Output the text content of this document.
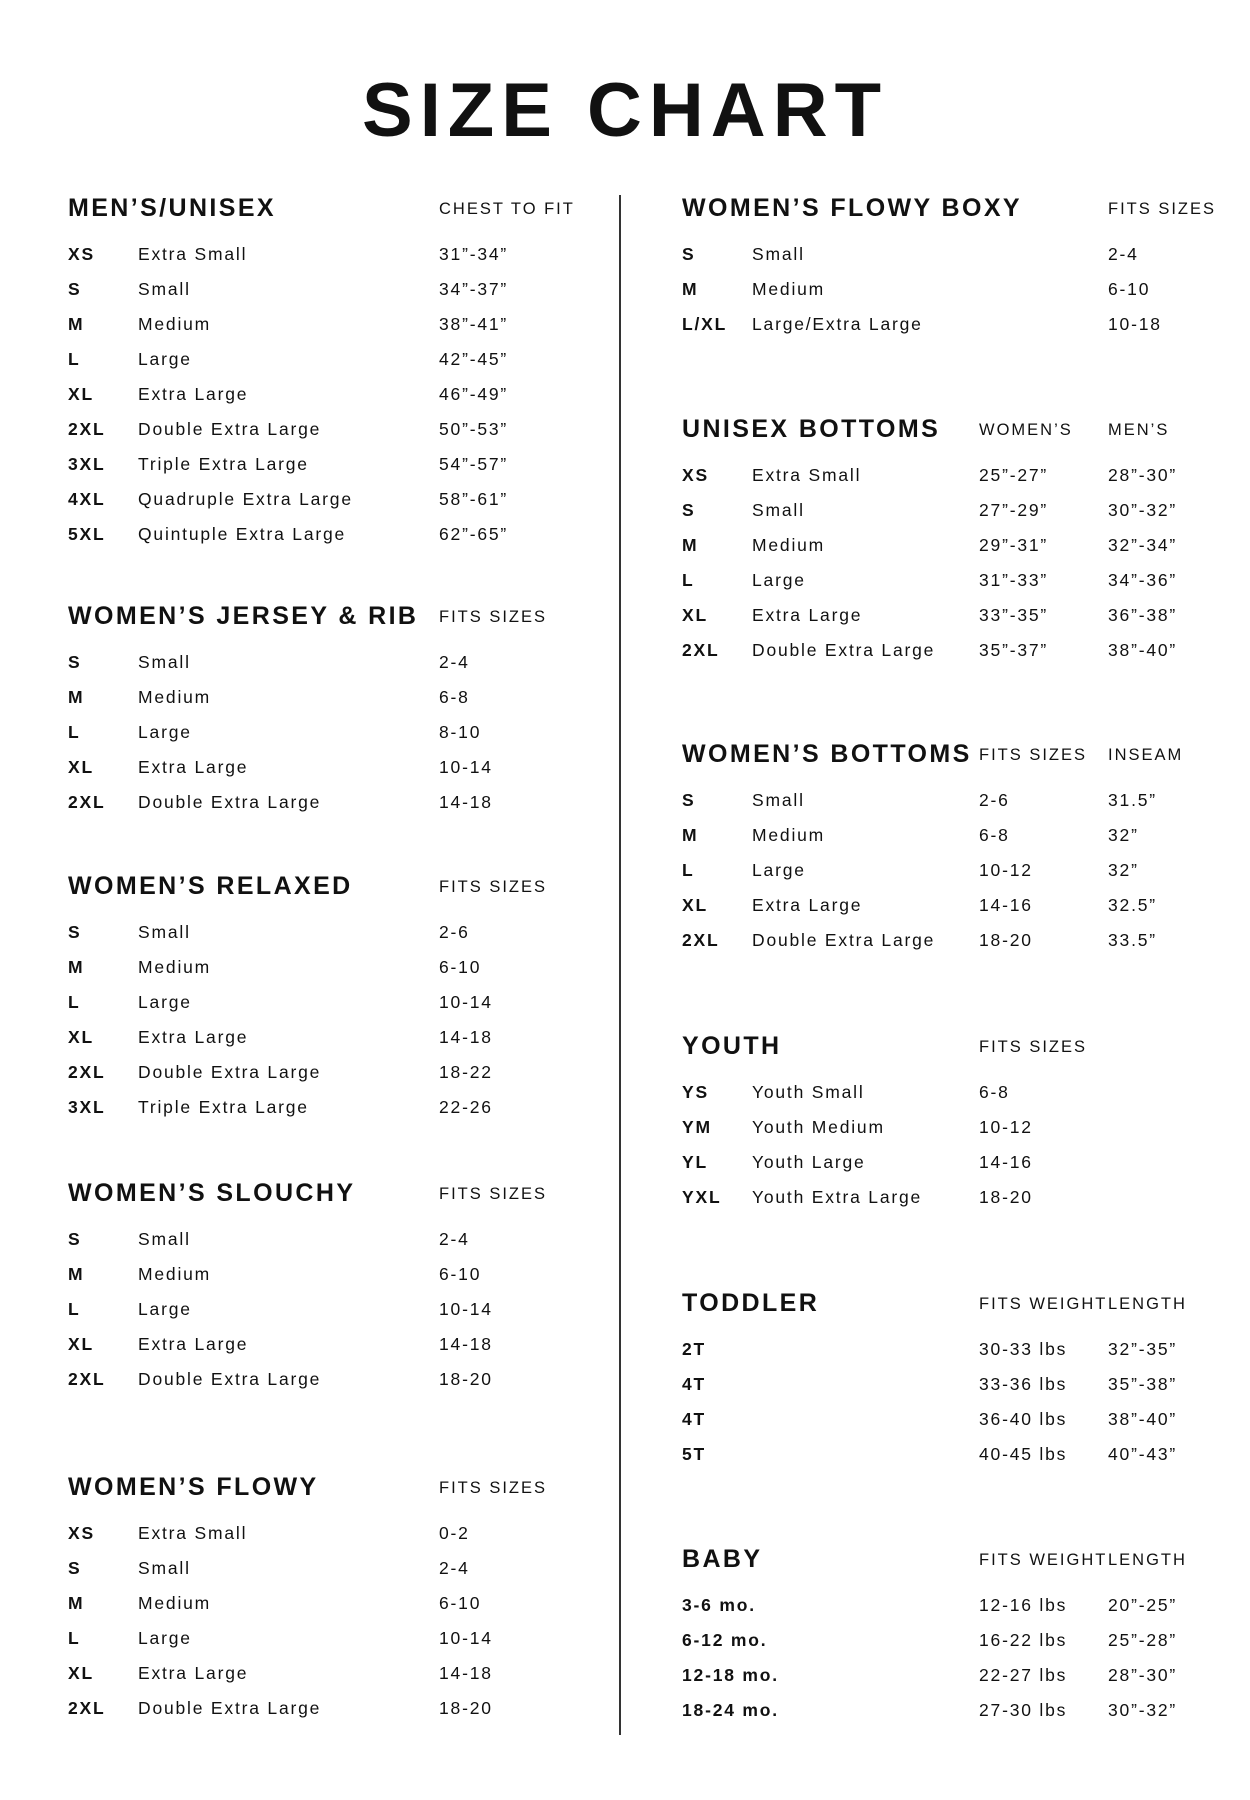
SIZE CHART
MEN’S/UNISEX	CHEST TO FIT
XS Extra Small	31”-34”
S	Small	34”-37”
M	Medium	38”-41”
L	Large	42”-45”
XL	Extra Large	46”-49”
2XL Double Extra Large	50”-53”
3XL Triple Extra Large	54”-57”
4XL Quadruple Extra Large	58”-61”
5XL Quintuple Extra Large	62”-65”
WOMEN’S JERSEY & RIB FITS SIZES
S	Small	2-4
M	Medium	6-8
L	Large	8-10
XL	Extra Large	10-14
2XL Double Extra Large	14-18
WOMEN’S RELAXED	FITS SIZES
S	Small	2-6
M	Medium	6-10
L	Large	10-14
XL	Extra Large	14-18
2XL Double Extra Large	18-22
3XL Triple Extra Large	22-26
WOMEN’S SLOUCHY	FITS SIZES
S	Small	2-4
M	Medium	6-10
L	Large	10-14
XL	Extra Large	14-18
2XL Double Extra Large	18-20
WOMEN’S FLOWY	FITS SIZES
XS Extra Small	0-2
S	Small	2-4
M	Medium	6-10
L	Large	10-14
XL	Extra Large	14-18
2XL Double Extra Large	18-20
WOMEN’S FLOWY BOXY	FITS SIZES
S	Small	2-4
M	Medium	6-10
L/XL Large/Extra Large	10-18
UNISEX BOTTOMS WOMEN’S MEN’S
XS Extra Small	25”-27”	28”-30”
S	Small	27”-29”	30”-32”
M	Medium	29”-31”	32”-34”
L	Large	31”-33”	34”-36”
XL	Extra Large	33”-35”	36”-38”
2XL Double Extra Large	35”-37”	38”-40”
WOMEN’S BOTTOMS FITS SIZES INSEAM
S	Small	2-6	31.5”
M	Medium	6-8	32”
L	Large	10-12	32”
XL	Extra Large	14-16	32.5”
2XL Double Extra Large	18-20	33.5”
YOUTH	FITS SIZES
YS Youth Small	6-8
YM Youth Medium	10-12
YL	Youth Large	14-16
YXL Youth Extra Large	18-20
TODDLER	FITS WEIGHT LENGTH
2T	30-33 lbs 32”-35”
4T	33-36 lbs 35”-38”
4T	36-40 lbs 38”-40”
5T	40-45 lbs 40”-43”
BABY	FITS WEIGHT LENGTH
3-6 mo.	12-16 lbs 20”-25”
6-12 mo.	16-22 lbs 25”-28”
12-18 mo.	22-27 lbs 28”-30”
18-24 mo.	27-30 lbs 30”-32”
